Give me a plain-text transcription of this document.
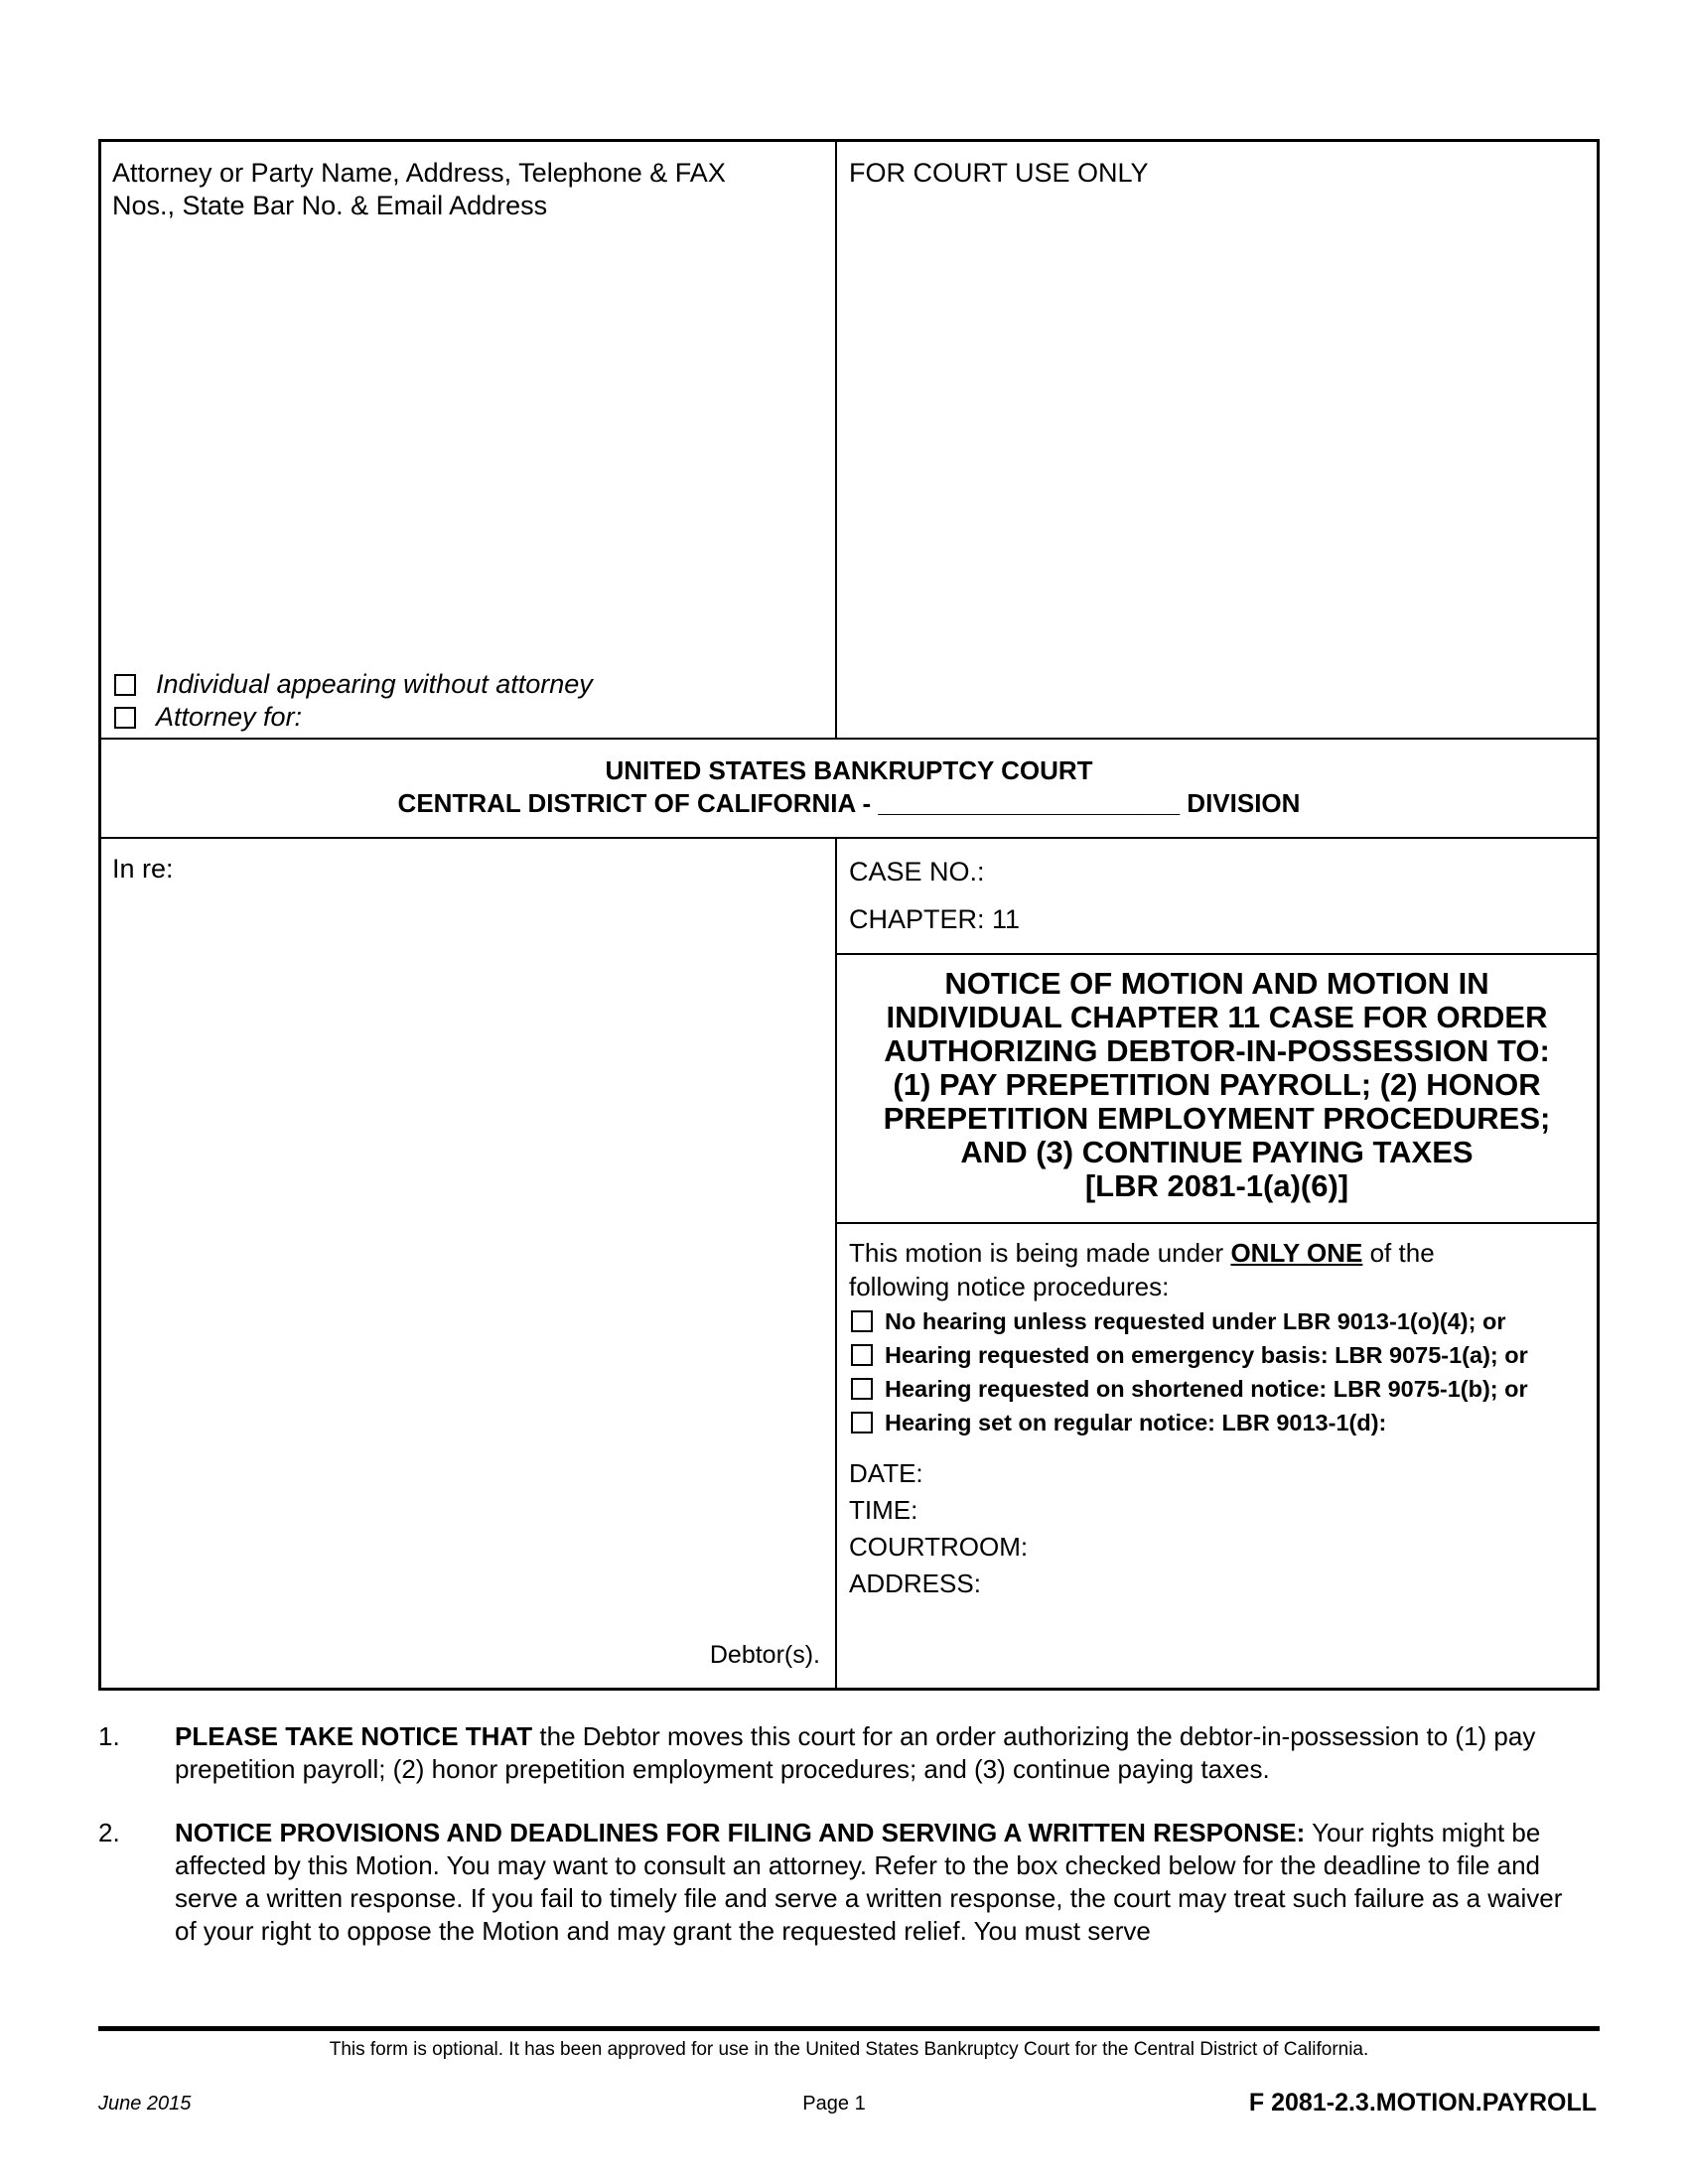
Attorney or Party Name, Address, Telephone & FAX
Nos., State Bar No. & Email Address
Individual appearing without attorney
Attorney for:
FOR COURT USE ONLY
UNITED STATES BANKRUPTCY COURT
CENTRAL DISTRICT OF CALIFORNIA - _____________________ DIVISION
In re:
Debtor(s).
CASE NO.:
CHAPTER: 11
NOTICE OF MOTION AND MOTION IN
INDIVIDUAL CHAPTER 11 CASE FOR ORDER
AUTHORIZING DEBTOR-IN-POSSESSION TO:
(1) PAY PREPETITION PAYROLL; (2) HONOR
PREPETITION EMPLOYMENT PROCEDURES;
AND (3) CONTINUE PAYING TAXES
[LBR 2081-1(a)(6)]
This motion is being made under ONLY ONE of the
following notice procedures:
No hearing unless requested under LBR 9013-1(o)(4); or
Hearing requested on emergency basis: LBR 9075-1(a); or
Hearing requested on shortened notice: LBR 9075-1(b); or
Hearing set on regular notice: LBR 9013-1(d):
DATE:
TIME:
COURTROOM:
ADDRESS:
1. PLEASE TAKE NOTICE THAT the Debtor moves this court for an order authorizing the debtor-in-possession to (1) pay prepetition payroll; (2) honor prepetition employment procedures; and (3) continue paying taxes.
2. NOTICE PROVISIONS AND DEADLINES FOR FILING AND SERVING A WRITTEN RESPONSE: Your rights might be affected by this Motion. You may want to consult an attorney. Refer to the box checked below for the deadline to file and serve a written response. If you fail to timely file and serve a written response, the court may treat such failure as a waiver of your right to oppose the Motion and may grant the requested relief. You must serve
This form is optional. It has been approved for use in the United States Bankruptcy Court for the Central District of California.
June 2015	Page 1	F 2081-2.3.MOTION.PAYROLL
